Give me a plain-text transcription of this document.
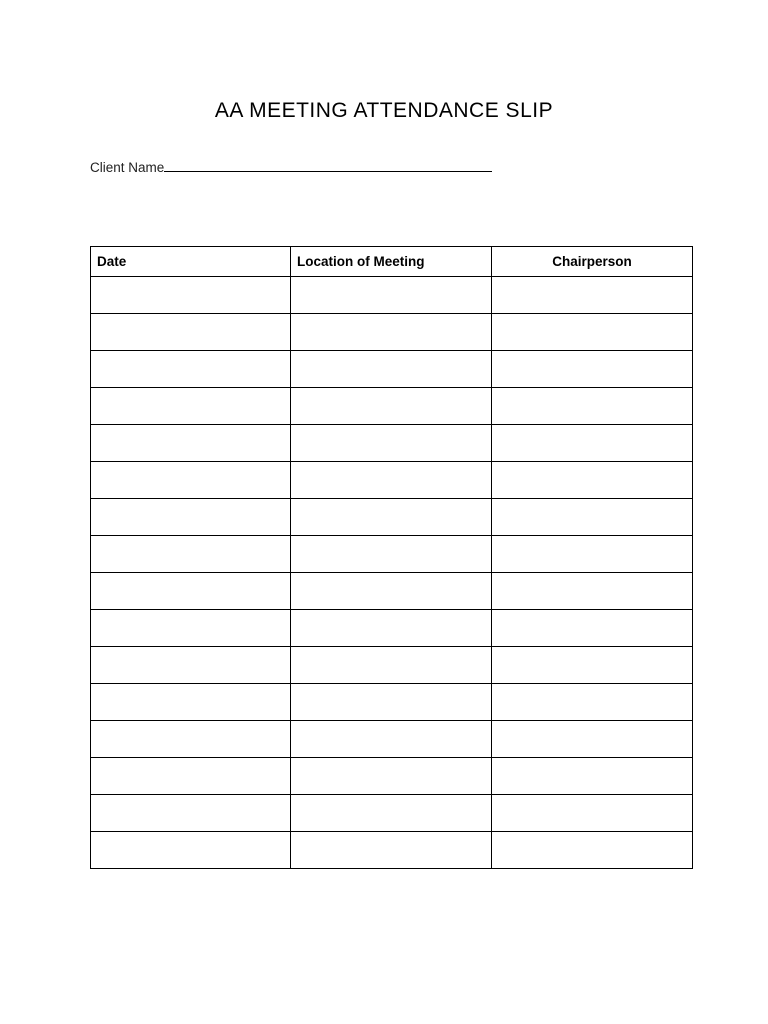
AA MEETING ATTENDANCE SLIP
Client Name
Date	Location of Meeting	Chairperson
